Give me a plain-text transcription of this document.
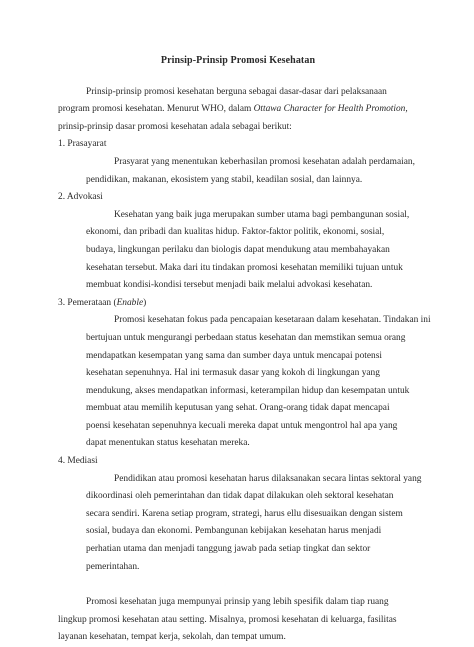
Prinsip-Prinsip Promosi Kesehatan
Prinsip-prinsip promosi kesehatan berguna sebagai dasar-dasar dari pelaksanaan
program promosi kesehatan. Menurut WHO, dalam Ottawa Character for Health Promotion,
prinsip-prinsip dasar promosi kesehatan adala sebagai berikut:
1. Prasayarat
Prasyarat yang menentukan keberhasilan promosi kesehatan adalah perdamaian,
pendidikan, makanan, ekosistem yang stabil, keadilan sosial, dan lainnya.
2. Advokasi
Kesehatan yang baik juga merupakan sumber utama bagi pembangunan sosial,
ekonomi, dan pribadi dan kualitas hidup. Faktor-faktor politik, ekonomi, sosial,
budaya, lingkungan perilaku dan biologis dapat mendukung atau membahayakan
kesehatan tersebut. Maka dari itu tindakan promosi kesehatan memiliki tujuan untuk
membuat kondisi-kondisi tersebut menjadi baik melalui advokasi kesehatan.
3. Pemerataan (Enable)
Promosi kesehatan fokus pada pencapaian kesetaraan dalam kesehatan. Tindakan ini
bertujuan untuk mengurangi perbedaan status kesehatan dan memstikan semua orang
mendapatkan kesempatan yang sama dan sumber daya untuk mencapai potensi
kesehatan sepenuhnya. Hal ini termasuk dasar yang kokoh di lingkungan yang
mendukung, akses mendapatkan informasi, keterampilan hidup dan kesempatan untuk
membuat atau memilih keputusan yang sehat. Orang-orang tidak dapat mencapai
poensi kesehatan sepenuhnya kecuali mereka dapat untuk mengontrol hal apa yang
dapat menentukan status kesehatan mereka.
4. Mediasi
Pendidikan atau promosi kesehatan harus dilaksanakan secara lintas sektoral yang
dikoordinasi oleh pemerintahan dan tidak dapat dilakukan oleh sektoral kesehatan
secara sendiri. Karena setiap program, strategi, harus ellu disesuaikan dengan sistem
sosial, budaya dan ekonomi. Pembangunan kebijakan kesehatan harus menjadi
perhatian utama dan menjadi tanggung jawab pada setiap tingkat dan sektor
pemerintahan.
Promosi kesehatan juga mempunyai prinsip yang lebih spesifik dalam tiap ruang
lingkup promosi kesehatan atau setting. Misalnya, promosi kesehatan di keluarga, fasilitas
layanan kesehatan, tempat kerja, sekolah, dan tempat umum.
